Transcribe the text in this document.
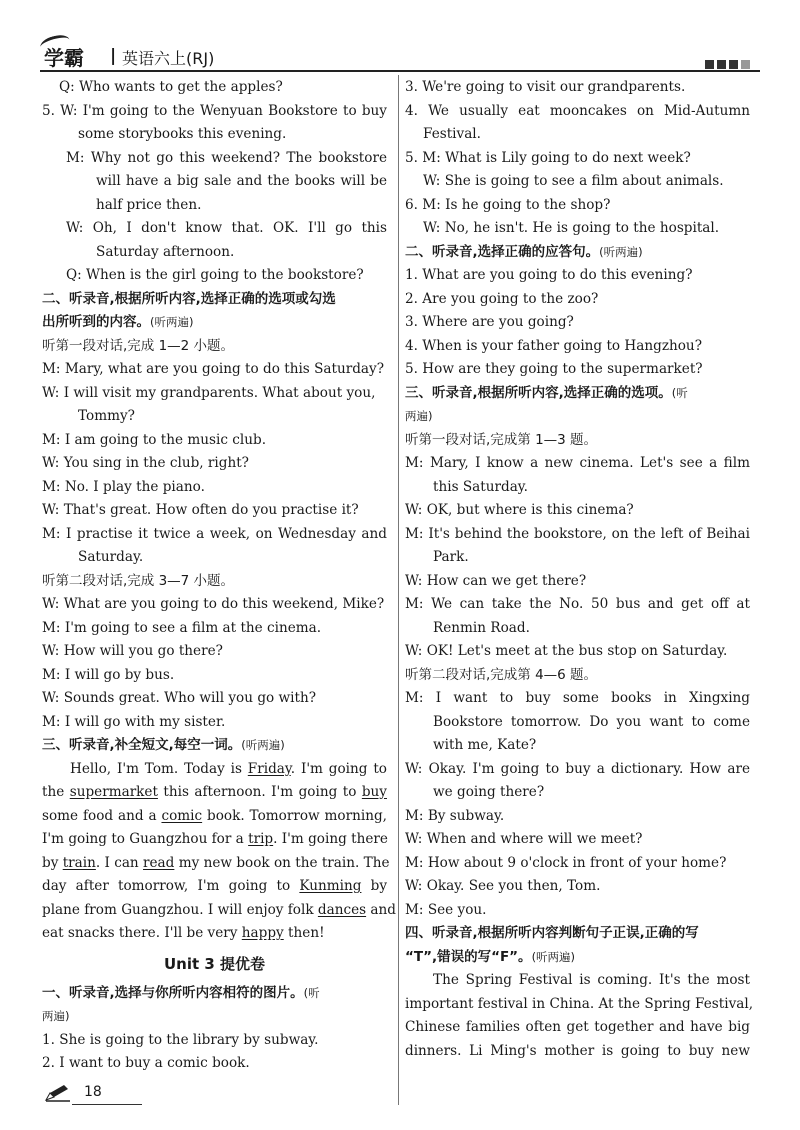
学霸 | 英语六上(RJ)
Q: Who wants to get the apples?
5. W: I'm going to the Wenyuan Bookstore to buy
some storybooks this evening.
M: Why not go this weekend? The bookstore
will have a big sale and the books will be
half price then.
W: Oh, I don't know that. OK. I'll go this
Saturday afternoon.
Q: When is the girl going to the bookstore?
二、听录音,根据所听内容,选择正确的选项或勾选
出所听到的内容。(听两遍)
听第一段对话,完成 1—2 小题。
M: Mary, what are you going to do this Saturday?
W: I will visit my grandparents. What about you,
Tommy?
M: I am going to the music club.
W: You sing in the club, right?
M: No. I play the piano.
W: That's great. How often do you practise it?
M: I practise it twice a week, on Wednesday and
Saturday.
听第二段对话,完成 3—7 小题。
W: What are you going to do this weekend, Mike?
M: I'm going to see a film at the cinema.
W: How will you go there?
M: I will go by bus.
W: Sounds great. Who will you go with?
M: I will go with my sister.
三、听录音,补全短文,每空一词。(听两遍)
Hello, I'm Tom. Today is Friday. I'm going to
the supermarket this afternoon. I'm going to buy
some food and a comic book. Tomorrow morning,
I'm going to Guangzhou for a trip. I'm going there
by train. I can read my new book on the train. The
day after tomorrow, I'm going to Kunming by
plane from Guangzhou. I will enjoy folk dances and
eat snacks there. I'll be very happy then!
Unit 3 提优卷
一、听录音,选择与你所听内容相符的图片。(听
两遍)
1. She is going to the library by subway.
2. I want to buy a comic book.
3. We're going to visit our grandparents.
4. We usually eat mooncakes on Mid-Autumn
Festival.
5. M: What is Lily going to do next week?
W: She is going to see a film about animals.
6. M: Is he going to the shop?
W: No, he isn't. He is going to the hospital.
二、听录音,选择正确的应答句。(听两遍)
1. What are you going to do this evening?
2. Are you going to the zoo?
3. Where are you going?
4. When is your father going to Hangzhou?
5. How are they going to the supermarket?
三、听录音,根据所听内容,选择正确的选项。(听
两遍)
听第一段对话,完成第 1—3 题。
M: Mary, I know a new cinema. Let's see a film
this Saturday.
W: OK, but where is this cinema?
M: It's behind the bookstore, on the left of Beihai
Park.
W: How can we get there?
M: We can take the No. 50 bus and get off at
Renmin Road.
W: OK! Let's meet at the bus stop on Saturday.
听第二段对话,完成第 4—6 题。
M: I want to buy some books in Xingxing
Bookstore tomorrow. Do you want to come
with me, Kate?
W: Okay. I'm going to buy a dictionary. How are
we going there?
M: By subway.
W: When and where will we meet?
M: How about 9 o'clock in front of your home?
W: Okay. See you then, Tom.
M: See you.
四、听录音,根据所听内容判断句子正误,正确的写
“T”,错误的写“F”。(听两遍)
The Spring Festival is coming. It's the most
important festival in China. At the Spring Festival,
Chinese families often get together and have big
dinners. Li Ming's mother is going to buy new
18
